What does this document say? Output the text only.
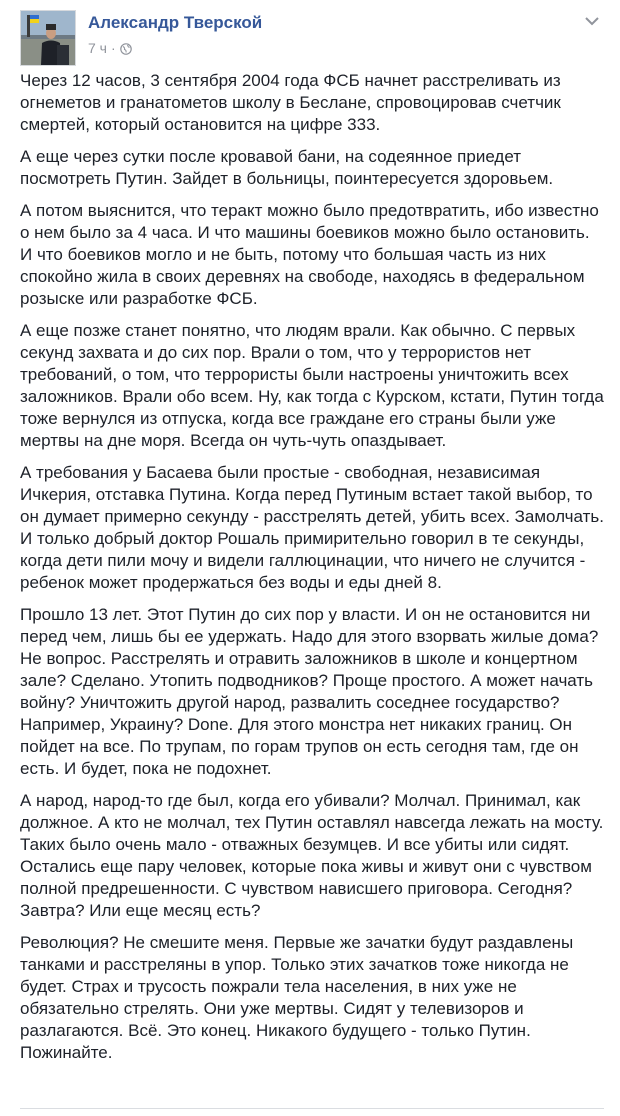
Александр Тверской
7 ч ·

Через 12 часов, 3 сентября 2004 года ФСБ начнет расстреливать из огнеметов и гранатометов школу в Беслане, спровоцировав счетчик смертей, который остановится на цифре 333.

А еще через сутки после кровавой бани, на содеянное приедет посмотреть Путин. Зайдет в больницы, поинтересуется здоровьем.

А потом выяснится, что теракт можно было предотвратить, ибо известно о нем было за 4 часа. И что машины боевиков можно было остановить. И что боевиков могло и не быть, потому что большая часть из них спокойно жила в своих деревнях на свободе, находясь в федеральном розыске или разработке ФСБ.

А еще позже станет понятно, что людям врали. Как обычно. С первых секунд захвата и до сих пор. Врали о том, что у террористов нет требований, о том, что террористы были настроены уничтожить всех заложников. Врали обо всем. Ну, как тогда с Курском, кстати, Путин тогда тоже вернулся из отпуска, когда все граждане его страны были уже мертвы на дне моря. Всегда он чуть-чуть опаздывает.

А требования у Басаева были простые - свободная, независимая Ичкерия, отставка Путина. Когда перед Путиным встает такой выбор, то он думает примерно секунду - расстрелять детей, убить всех. Замолчать. И только добрый доктор Рошаль примирительно говорил в те секунды, когда дети пили мочу и видели галлюцинации, что ничего не случится - ребенок может продержаться без воды и еды дней 8.

Прошло 13 лет. Этот Путин до сих пор у власти. И он не остановится ни перед чем, лишь бы ее удержать. Надо для этого взорвать жилые дома? Не вопрос. Расстрелять и отравить заложников в школе и концертном зале? Сделано. Утопить подводников? Проще простого. А может начать войну? Уничтожить другой народ, развалить соседнее государство? Например, Украину? Done. Для этого монстра нет никаких границ. Он пойдет на все. По трупам, по горам трупов он есть сегодня там, где он есть. И будет, пока не подохнет.

А народ, народ-то где был, когда его убивали? Молчал. Принимал, как должное. А кто не молчал, тех Путин оставлял навсегда лежать на мосту. Таких было очень мало - отважных безумцев. И все убиты или сидят. Остались еще пару человек, которые пока живы и живут они с чувством полной предрешенности. С чувством нависшего приговора. Сегодня? Завтра? Или еще месяц есть?

Революция? Не смешите меня. Первые же зачатки будут раздавлены танками и расстреляны в упор. Только этих зачатков тоже никогда не будет. Страх и трусость пожрали тела населения, в них уже не обязательно стрелять. Они уже мертвы. Сидят у телевизоров и разлагаются. Всё. Это конец. Никакого будущего - только Путин. Пожинайте.
